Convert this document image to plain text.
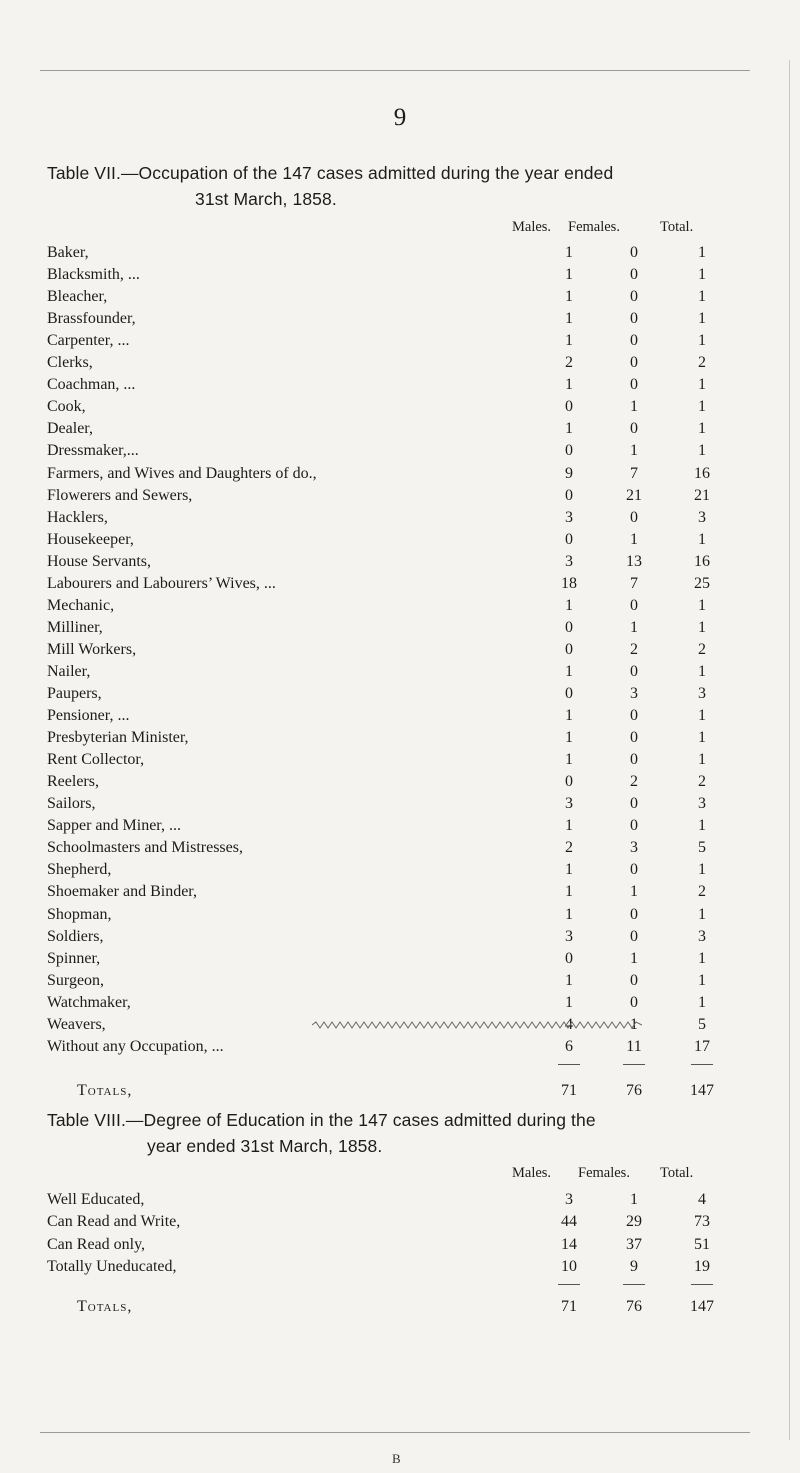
9
Table VII.—Occupation of the 147 cases admitted during the year ended
31st March, 1858.
Males. Females.	Total.
Baker,	1	0	1
Blacksmith, ...	1	0	1
Bleacher,	1	0	1
Brassfounder,	1	0	1
Carpenter, ...	1	0	1
Clerks,	2	0	2
Coachman, ...	1	0	1
Cook,	0	1	1
Dealer,	1	0	1
Dressmaker,...	0	1	1
Farmers, and Wives and Daughters of do.,	9	7	16
Flowerers and Sewers,	0	21	21
Hacklers,	3	0	3
Housekeeper,	0	1	1
House Servants,	3	13	16
Labourers and Labourers’ Wives, ...	18	7	25
Mechanic,	1	0	1
Milliner,	0	1	1
Mill Workers,	0	2	2
Nailer,	1	0	1
Paupers,	0	3	3
Pensioner, ...	1	0	1
Presbyterian Minister,	1	0	1
Rent Collector,	1	0	1
Reelers,	0	2	2
Sailors,	3	0	3
Sapper and Miner, ...	1	0	1
Schoolmasters and Mistresses,	2	3	5
Shepherd,	1	0	1
Shoemaker and Binder,	1	1	2
Shopman,	1	0	1
Soldiers,	3	0	3
Spinner,	0	1	1
Surgeon,	1	0	1
Watchmaker,	1	0	1
Weavers,	4	1	5
Without any Occupation, ...	6	11	17
Totals,	71	76	147
Table VIII.—Degree of Education in the 147 cases admitted during the
year ended 31st March, 1858.
Males. Females. Total.
Well Educated,	3	1	4
Can Read and Write,	44	29	73
Can Read only,	14	37	51
Totally Uneducated,	10	9	19
Totals,	71	76	147
B
